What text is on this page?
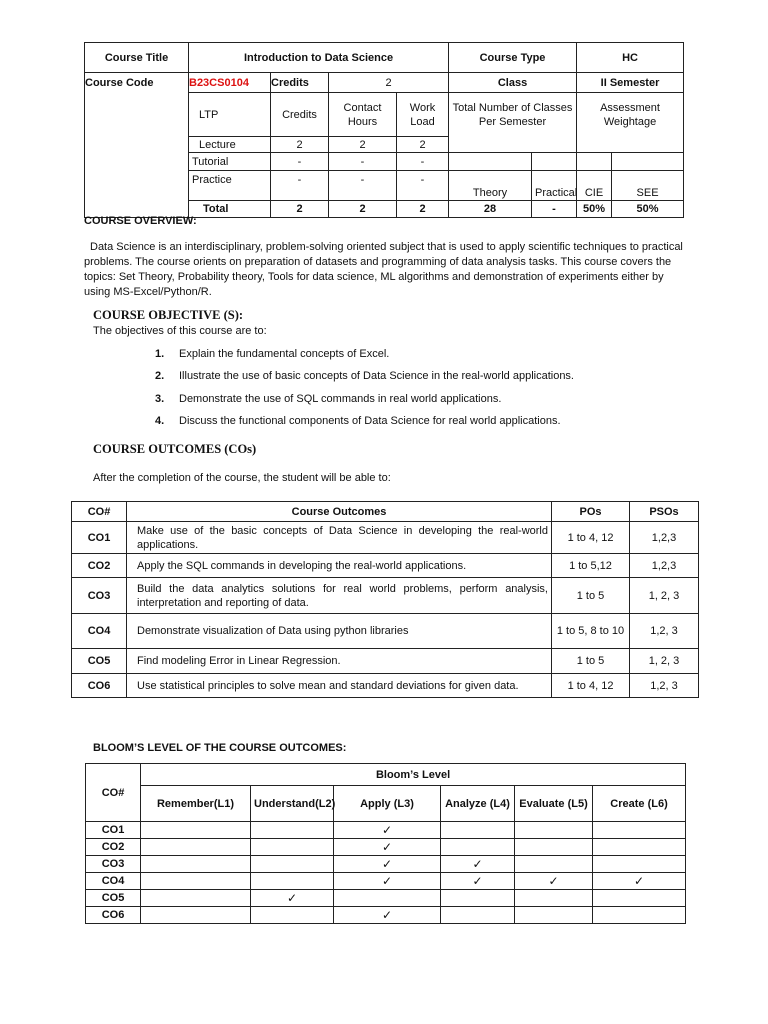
Course Title	Introduction to Data Science				Course Type		HC	
Course Code	B23CS0104	Credits	2		Class		II Semester	
	LTP	Credits	Contact Hours	Work Load	Total Number of Classes Per Semester		Assessment Weightage	
	Lecture	2	2	2				
	Tutorial	-	-	-				
	Practice	-	-	-	Theory	Practical	CIE	SEE
	Total	2	2	2	28	-	50%	50%
COURSE OVERVIEW:
Data Science is an interdisciplinary, problem-solving oriented subject that is used to apply scientific techniques to practical problems. The course orients on preparation of datasets and programming of data analysis tasks. This course covers the topics: Set Theory, Probability theory, Tools for data science, ML algorithms and demonstration of experiments either by using MS-Excel/Python/R.
COURSE OBJECTIVE (S):
The objectives of this course are to:
1.	Explain the fundamental concepts of Excel.
2.	Illustrate the use of basic concepts of Data Science in the real-world applications.
3.	Demonstrate the use of SQL commands in real world applications.
4.	Discuss the functional components of Data Science for real world applications.
COURSE OUTCOMES (COs)
After the completion of the course, the student will be able to:
CO#	Course Outcomes	POs	PSOs
CO1	Make use of the basic concepts of Data Science in developing the real-world applications.	1 to 4, 12	1,2,3
CO2	Apply the SQL commands in developing the real-world applications.	1 to 5,12	1,2,3
CO3	Build the data analytics solutions for real world problems, perform analysis, interpretation and reporting of data.	1 to 5	1, 2, 3
CO4	Demonstrate visualization of Data using python libraries	1 to 5, 8 to 10	1,2, 3
CO5	Find modeling Error in Linear Regression.	1 to 5	1, 2, 3
CO6	Use statistical principles to solve mean and standard deviations for given data.	1 to 4, 12	1,2, 3
BLOOM’S LEVEL OF THE COURSE OUTCOMES:
CO#	Bloom’s Level					
	Remember(L1)	Understand(L2)	Apply (L3)	Analyze (L4)	Evaluate (L5)	Create (L6)
CO1			✓			
CO2			✓			
CO3			✓	✓		
CO4			✓	✓	✓	✓
CO5		✓				
CO6			✓			
